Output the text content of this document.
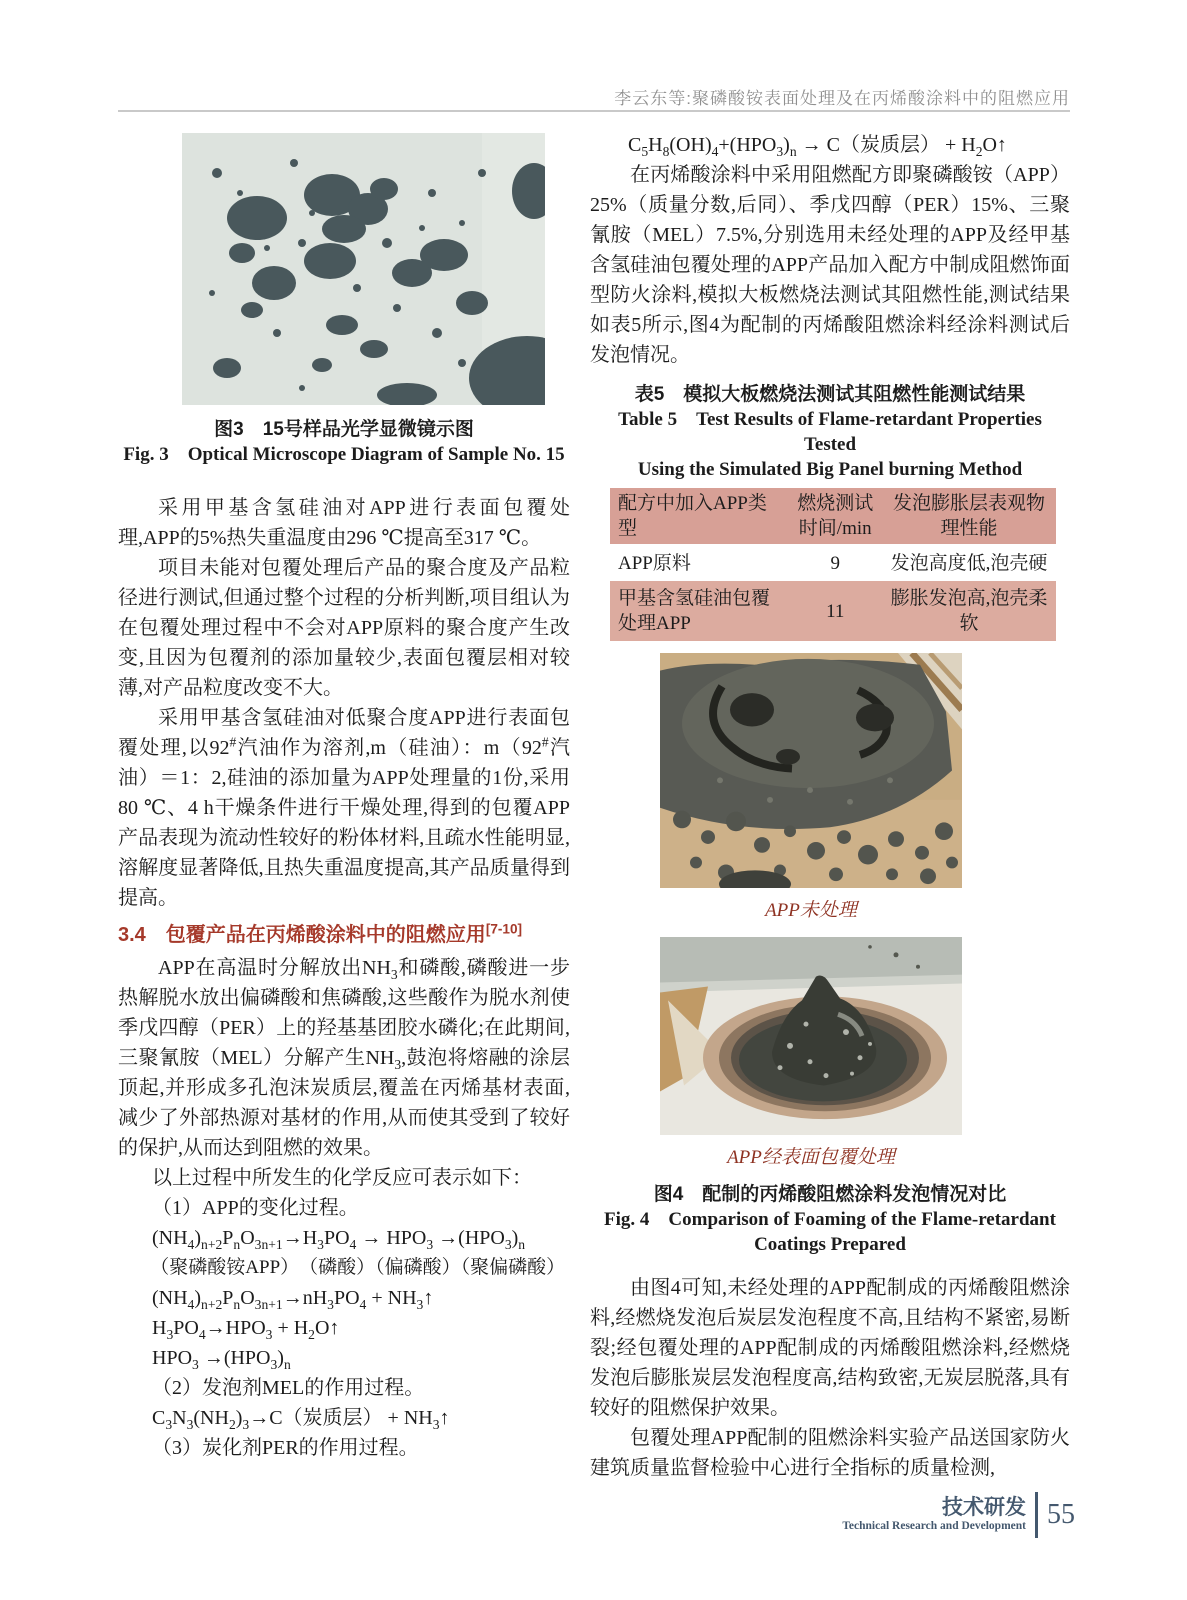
李云东等:聚磷酸铵表面处理及在丙烯酸涂料中的阻燃应用

图3　15号样品光学显微镜示图

Fig. 3　Optical Microscope Diagram of Sample No. 15

采用甲基含氢硅油对APP进行表面包覆处理,APP的5%热失重温度由296 ℃提高至317 ℃。

项目未能对包覆处理后产品的聚合度及产品粒径进行测试,但通过整个过程的分析判断,项目组认为在包覆处理过程中不会对APP原料的聚合度产生改变,且因为包覆剂的添加量较少,表面包覆层相对较薄,对产品粒度改变不大。

采用甲基含氢硅油对低聚合度APP进行表面包覆处理,以92#汽油作为溶剂,m（硅油）：m（92#汽油）＝1：2,硅油的添加量为APP处理量的1份,采用80 ℃、4 h干燥条件进行干燥处理,得到的包覆APP产品表现为流动性较好的粉体材料,且疏水性能明显,溶解度显著降低,且热失重温度提高,其产品质量得到提高。

3.4　包覆产品在丙烯酸涂料中的阻燃应用[7-10]

APP在高温时分解放出$NH_3$和磷酸,磷酸进一步热解脱水放出偏磷酸和焦磷酸,这些酸作为脱水剂使季戊四醇（PER）上的羟基基团胶水磷化;在此期间,三聚氰胺（MEL）分解产生$NH_3$,鼓泡将熔融的涂层顶起,并形成多孔泡沫炭质层,覆盖在丙烯基材表面,减少了外部热源对基材的作用,从而使其受到了较好的保护,从而达到阻燃的效果。

以上过程中所发生的化学反应可表示如下：

（1）APP的变化过程。

$(NH_4)_{n+2}P_nO_{3n+1}\to H_3PO_4 \to HPO_3 \to(HPO_3)_n$

（聚磷酸铵APP）　（磷酸）（偏磷酸）（聚偏磷酸）

$(NH_4)_{n+2}P_nO_{3n+1}\to nH_3PO_4$ + $NH_3↑$

$H_3PO_4\to HPO_3$ + $H_2O↑$

$HPO_3 \to(HPO_3)_n$

（2）发泡剂MEL的作用过程。

$C_3N_3(NH_2)_3\to C$（炭质层） + $NH_3↑$

（3）炭化剂PER的作用过程。

$C_5H_8(OH)_4+(HPO_3)_n \to C$（炭质层） + $H_2O↑$

在丙烯酸涂料中采用阻燃配方即聚磷酸铵（APP）25%（质量分数,后同）、季戊四醇（PER）15%、三聚氰胺（MEL）7.5%,分别选用未经处理的APP及经甲基含氢硅油包覆处理的APP产品加入配方中制成阻燃饰面型防火涂料,模拟大板燃烧法测试其阻燃性能,测试结果如表5所示,图4为配制的丙烯酸阻燃涂料经涂料测试后发泡情况。

表5　模拟大板燃烧法测试其阻燃性能测试结果

Table 5　Test Results of Flame-retardant Properties Tested

Using the Simulated Big Panel burning Method

配方中加入APP类型	燃烧测试时间/min	发泡膨胀层表观物理性能
APP原料	9	发泡高度低,泡壳硬
甲基含氢硅油包覆处理APP	11	膨胀发泡高,泡壳柔软

APP未处理

APP经表面包覆处理

图4　配制的丙烯酸阻燃涂料发泡情况对比

Fig. 4　Comparison of Foaming of the Flame-retardant

Coatings Prepared

由图4可知,未经处理的APP配制成的丙烯酸阻燃涂料,经燃烧发泡后炭层发泡程度不高,且结构不紧密,易断裂;经包覆处理的APP配制成的丙烯酸阻燃涂料,经燃烧发泡后膨胀炭层发泡程度高,结构致密,无炭层脱落,具有较好的阻燃保护效果。

包覆处理APP配制的阻燃涂料实验产品送国家防火建筑质量监督检验中心进行全指标的质量检测,

技术研发
Technical Research and Development 55
